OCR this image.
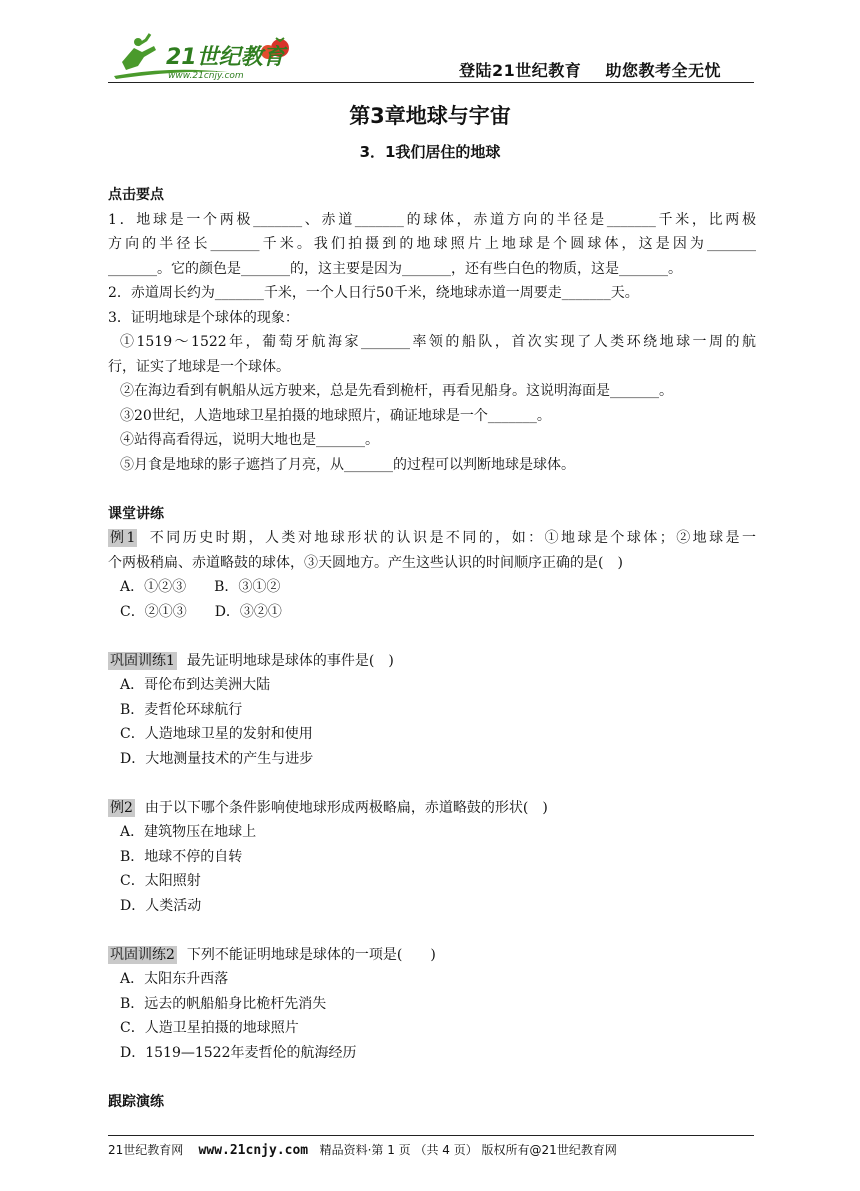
21世纪教育
www.21cnjy.com	登陆21世纪教育    助您教考全无忧
第3章地球与宇宙
3．1我们居住的地球
点击要点
1．地球是一个两极_______、赤道_______的球体，赤道方向的半径是_______千米，比两极
方向的半径长_______千米。我们拍摄到的地球照片上地球是个圆球体，这是因为_______
_______。它的颜色是_______的，这主要是因为_______，还有些白色的物质，这是_______。
2．赤道周长约为_______千米，一个人日行50千米，绕地球赤道一周要走_______天。
3．证明地球是个球体的现象：
①1519～1522年，葡萄牙航海家_______率领的船队，首次实现了人类环绕地球一周的航
行，证实了地球是一个球体。
②在海边看到有帆船从远方驶来，总是先看到桅杆，再看见船身。这说明海面是_______。
③20世纪，人造地球卫星拍摄的地球照片，确证地球是一个_______。
④站得高看得远，说明大地也是_______。
⑤月食是地球的影子遮挡了月亮，从_______的过程可以判断地球是球体。
课堂讲练
例1 不同历史时期，人类对地球形状的认识是不同的，如：①地球是个球体；②地球是一
个两极稍扁、赤道略鼓的球体，③天圆地方。产生这些认识的时间顺序正确的是(　)
A．①②③　　B．③①②
C．②①③　　D．③②①
巩固训练1 最先证明地球是球体的事件是(　)
A．哥伦布到达美洲大陆
B．麦哲伦环球航行
C．人造地球卫星的发射和使用
D．大地测量技术的产生与进步
例2 由于以下哪个条件影响使地球形成两极略扁，赤道略鼓的形状(　)
A．建筑物压在地球上
B．地球不停的自转
C．太阳照射
D．人类活动
巩固训练2 下列不能证明地球是球体的一项是(　　)
A．太阳东升西落
B．远去的帆船船身比桅杆先消失
C．人造卫星拍摄的地球照片
D．1519—1522年麦哲伦的航海经历
跟踪演练
21世纪教育网 www.21cnjy.com 精品资料·第 1 页 （共 4 页） 版权所有@21世纪教育网
